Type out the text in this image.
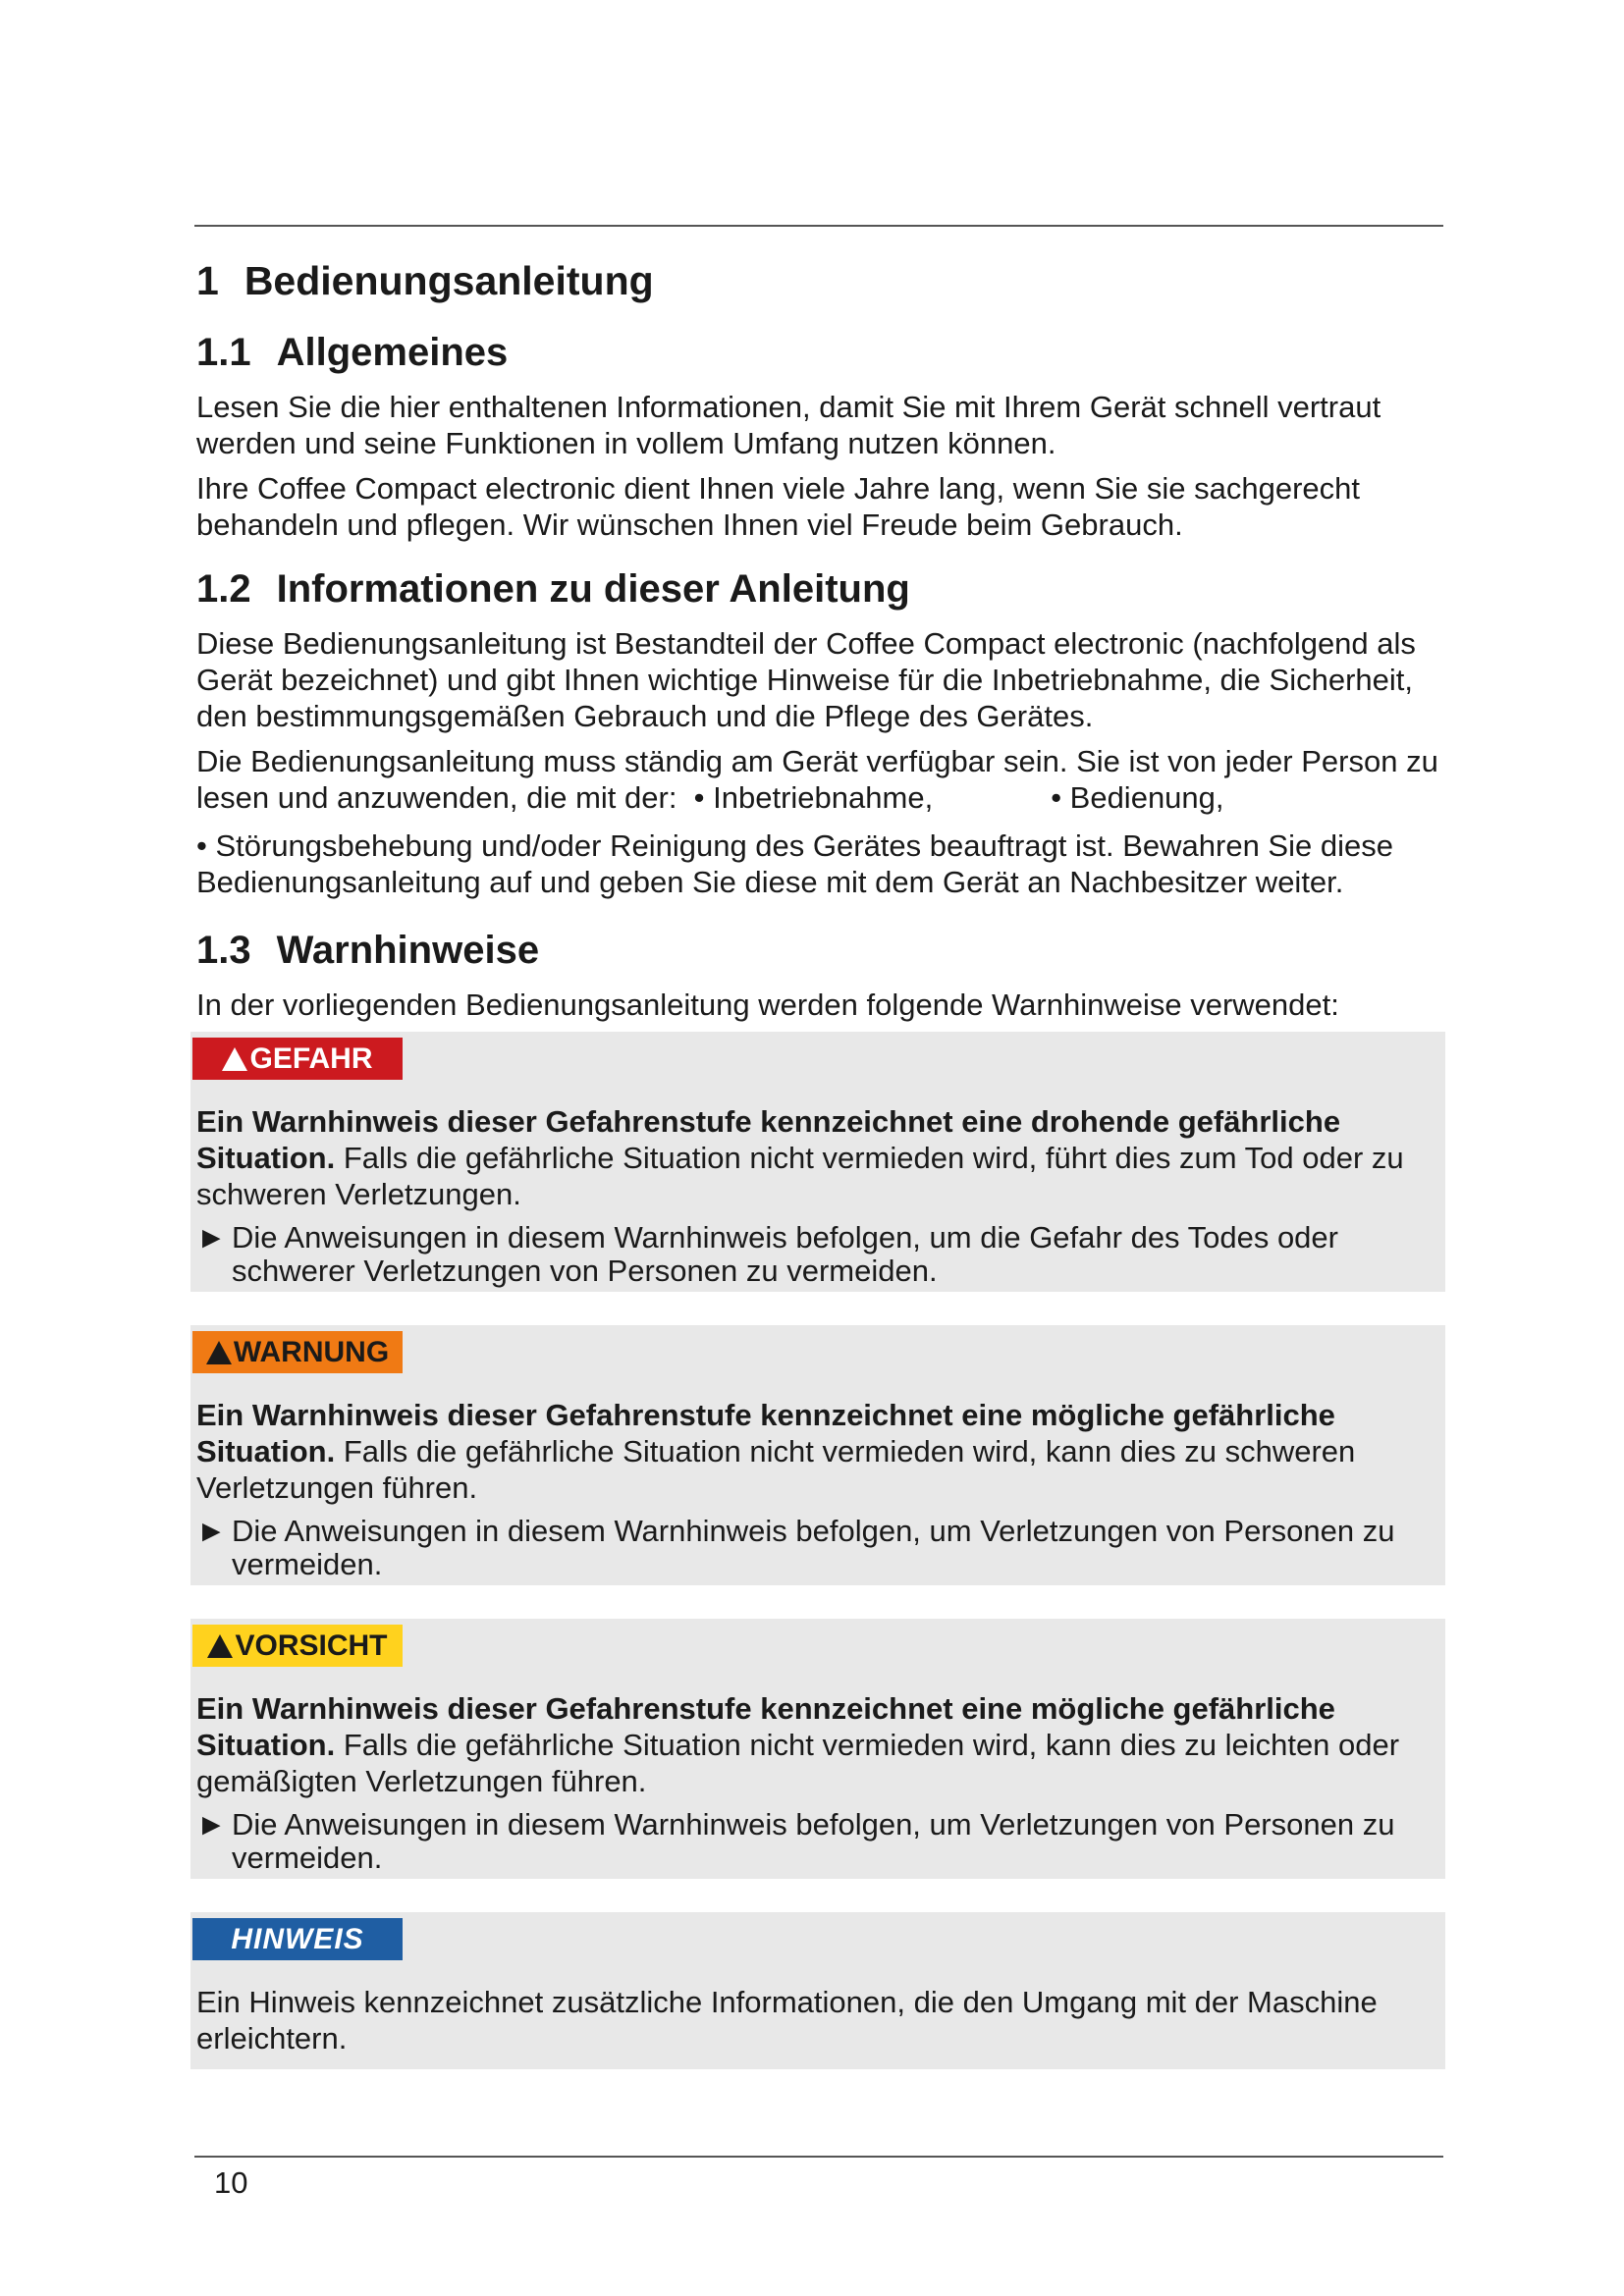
1 Bedienungsanleitung
1.1 Allgemeines

Lesen Sie die hier enthaltenen Informationen, damit Sie mit Ihrem Gerät schnell vertraut werden und seine Funktionen in vollem Umfang nutzen können.

Ihre Coffee Compact electronic dient Ihnen viele Jahre lang, wenn Sie sie sachgerecht behandeln und pflegen. Wir wünschen Ihnen viel Freude beim Gebrauch.

1.2 Informationen zu dieser Anleitung

Diese Bedienungsanleitung ist Bestandteil der Coffee Compact electronic (nachfolgend als Gerät bezeichnet) und gibt Ihnen wichtige Hinweise für die Inbetriebnahme, die Sicherheit, den bestimmungsgemäßen Gebrauch und die Pflege des Gerätes.

Die Bedienungsanleitung muss ständig am Gerät verfügbar sein. Sie ist von jeder Person zu lesen und anzuwenden, die mit der: • Inbetriebnahme,	• Bedienung,

• Störungsbehebung und/oder Reinigung des Gerätes beauftragt ist. Bewahren Sie diese Bedienungsanleitung auf und geben Sie diese mit dem Gerät an Nachbesitzer weiter.

1.3 Warnhinweise

In der vorliegenden Bedienungsanleitung werden folgende Warnhinweise verwendet:

GEFAHR

Ein Warnhinweis dieser Gefahrenstufe kennzeichnet eine drohende gefährliche Situation. Falls die gefährliche Situation nicht vermieden wird, führt dies zum Tod oder zu schweren Verletzungen.

► Die Anweisungen in diesem Warnhinweis befolgen, um die Gefahr des Todes oder schwerer Verletzungen von Personen zu vermeiden.

WARNUNG

Ein Warnhinweis dieser Gefahrenstufe kennzeichnet eine mögliche gefährliche Situation. Falls die gefährliche Situation nicht vermieden wird, kann dies zu schweren Verletzungen führen.

► Die Anweisungen in diesem Warnhinweis befolgen, um Verletzungen von Personen zu vermeiden.

VORSICHT

Ein Warnhinweis dieser Gefahrenstufe kennzeichnet eine mögliche gefährliche Situation. Falls die gefährliche Situation nicht vermieden wird, kann dies zu leichten oder gemäßigten Verletzungen führen.

► Die Anweisungen in diesem Warnhinweis befolgen, um Verletzungen von Personen zu vermeiden.

HINWEIS

Ein Hinweis kennzeichnet zusätzliche Informationen, die den Umgang mit der Maschine erleichtern.

10
